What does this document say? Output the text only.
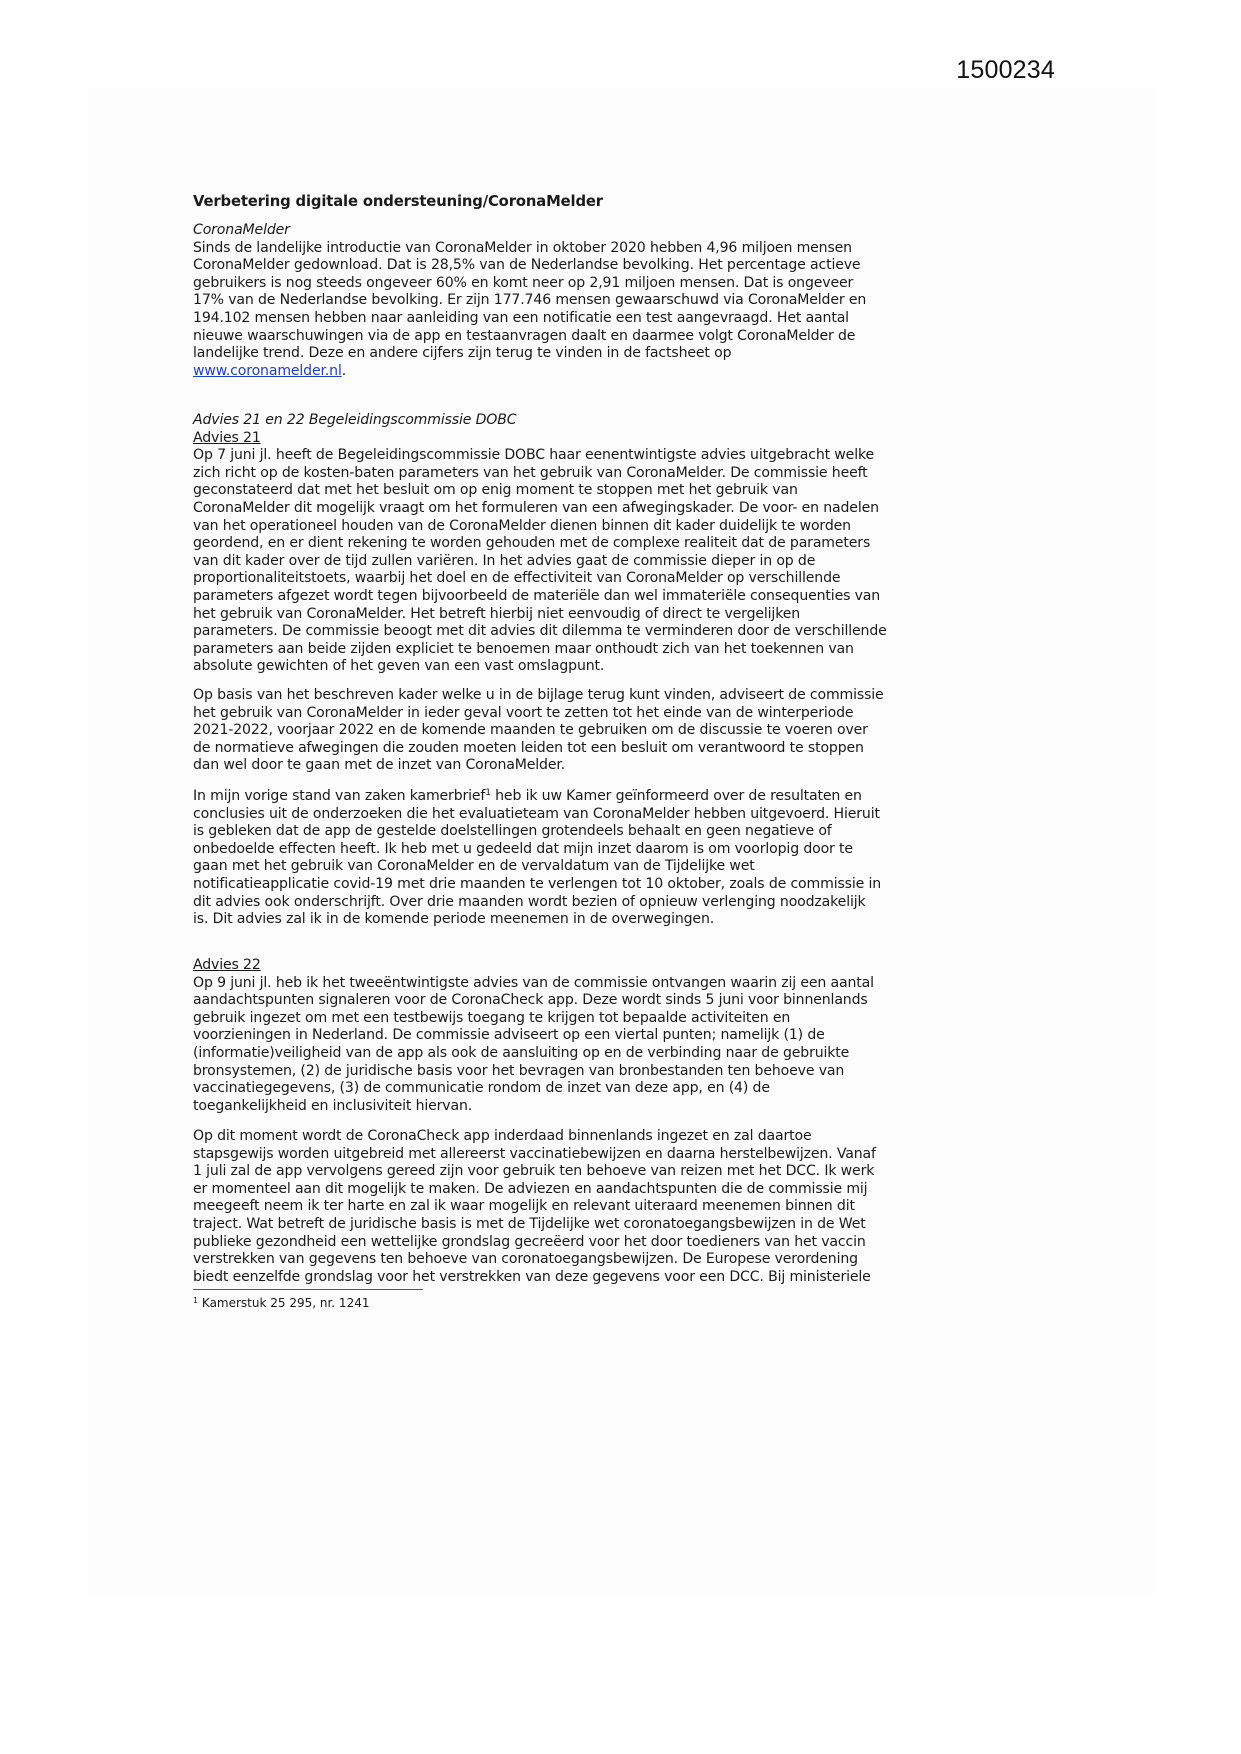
1500234
Verbetering digitale ondersteuning/CoronaMelder
CoronaMelder
Sinds de landelijke introductie van CoronaMelder in oktober 2020 hebben 4,96 miljoen mensen
CoronaMelder gedownload. Dat is 28,5% van de Nederlandse bevolking. Het percentage actieve
gebruikers is nog steeds ongeveer 60% en komt neer op 2,91 miljoen mensen. Dat is ongeveer
17% van de Nederlandse bevolking. Er zijn 177.746 mensen gewaarschuwd via CoronaMelder en
194.102 mensen hebben naar aanleiding van een notificatie een test aangevraagd. Het aantal
nieuwe waarschuwingen via de app en testaanvragen daalt en daarmee volgt CoronaMelder de
landelijke trend. Deze en andere cijfers zijn terug te vinden in de factsheet op
www.coronamelder.nl.
Advies 21 en 22 Begeleidingscommissie DOBC
Advies 21
Op 7 juni jl. heeft de Begeleidingscommissie DOBC haar eenentwintigste advies uitgebracht welke
zich richt op de kosten-baten parameters van het gebruik van CoronaMelder. De commissie heeft
geconstateerd dat met het besluit om op enig moment te stoppen met het gebruik van
CoronaMelder dit mogelijk vraagt om het formuleren van een afwegingskader. De voor- en nadelen
van het operationeel houden van de CoronaMelder dienen binnen dit kader duidelijk te worden
geordend, en er dient rekening te worden gehouden met de complexe realiteit dat de parameters
van dit kader over de tijd zullen variëren. In het advies gaat de commissie dieper in op de
proportionaliteitstoets, waarbij het doel en de effectiviteit van CoronaMelder op verschillende
parameters afgezet wordt tegen bijvoorbeeld de materiële dan wel immateriële consequenties van
het gebruik van CoronaMelder. Het betreft hierbij niet eenvoudig of direct te vergelijken
parameters. De commissie beoogt met dit advies dit dilemma te verminderen door de verschillende
parameters aan beide zijden expliciet te benoemen maar onthoudt zich van het toekennen van
absolute gewichten of het geven van een vast omslagpunt.
Op basis van het beschreven kader welke u in de bijlage terug kunt vinden, adviseert de commissie
het gebruik van CoronaMelder in ieder geval voort te zetten tot het einde van de winterperiode
2021-2022, voorjaar 2022 en de komende maanden te gebruiken om de discussie te voeren over
de normatieve afwegingen die zouden moeten leiden tot een besluit om verantwoord te stoppen
dan wel door te gaan met de inzet van CoronaMelder.
In mijn vorige stand van zaken kamerbrief$^1$ heb ik uw Kamer geïnformeerd over de resultaten en
conclusies uit de onderzoeken die het evaluatieteam van CoronaMelder hebben uitgevoerd. Hieruit
is gebleken dat de app de gestelde doelstellingen grotendeels behaalt en geen negatieve of
onbedoelde effecten heeft. Ik heb met u gedeeld dat mijn inzet daarom is om voorlopig door te
gaan met het gebruik van CoronaMelder en de vervaldatum van de Tijdelijke wet
notificatieapplicatie covid-19 met drie maanden te verlengen tot 10 oktober, zoals de commissie in
dit advies ook onderschrijft. Over drie maanden wordt bezien of opnieuw verlenging noodzakelijk
is. Dit advies zal ik in de komende periode meenemen in de overwegingen.
Advies 22
Op 9 juni jl. heb ik het tweeëntwintigste advies van de commissie ontvangen waarin zij een aantal
aandachtspunten signaleren voor de CoronaCheck app. Deze wordt sinds 5 juni voor binnenlands
gebruik ingezet om met een testbewijs toegang te krijgen tot bepaalde activiteiten en
voorzieningen in Nederland. De commissie adviseert op een viertal punten; namelijk (1) de
(informatie)veiligheid van de app als ook de aansluiting op en de verbinding naar de gebruikte
bronsystemen, (2) de juridische basis voor het bevragen van bronbestanden ten behoeve van
vaccinatiegegevens, (3) de communicatie rondom de inzet van deze app, en (4) de
toegankelijkheid en inclusiviteit hiervan.
Op dit moment wordt de CoronaCheck app inderdaad binnenlands ingezet en zal daartoe
stapsgewijs worden uitgebreid met allereerst vaccinatiebewijzen en daarna herstelbewijzen. Vanaf
1 juli zal de app vervolgens gereed zijn voor gebruik ten behoeve van reizen met het DCC. Ik werk
er momenteel aan dit mogelijk te maken. De adviezen en aandachtspunten die de commissie mij
meegeeft neem ik ter harte en zal ik waar mogelijk en relevant uiteraard meenemen binnen dit
traject. Wat betreft de juridische basis is met de Tijdelijke wet coronatoegangsbewijzen in de Wet
publieke gezondheid een wettelijke grondslag gecreëerd voor het door toedieners van het vaccin
verstrekken van gegevens ten behoeve van coronatoegangsbewijzen. De Europese verordening
biedt eenzelfde grondslag voor het verstrekken van deze gegevens voor een DCC. Bij ministeriele
$^1$ Kamerstuk 25 295, nr. 1241
